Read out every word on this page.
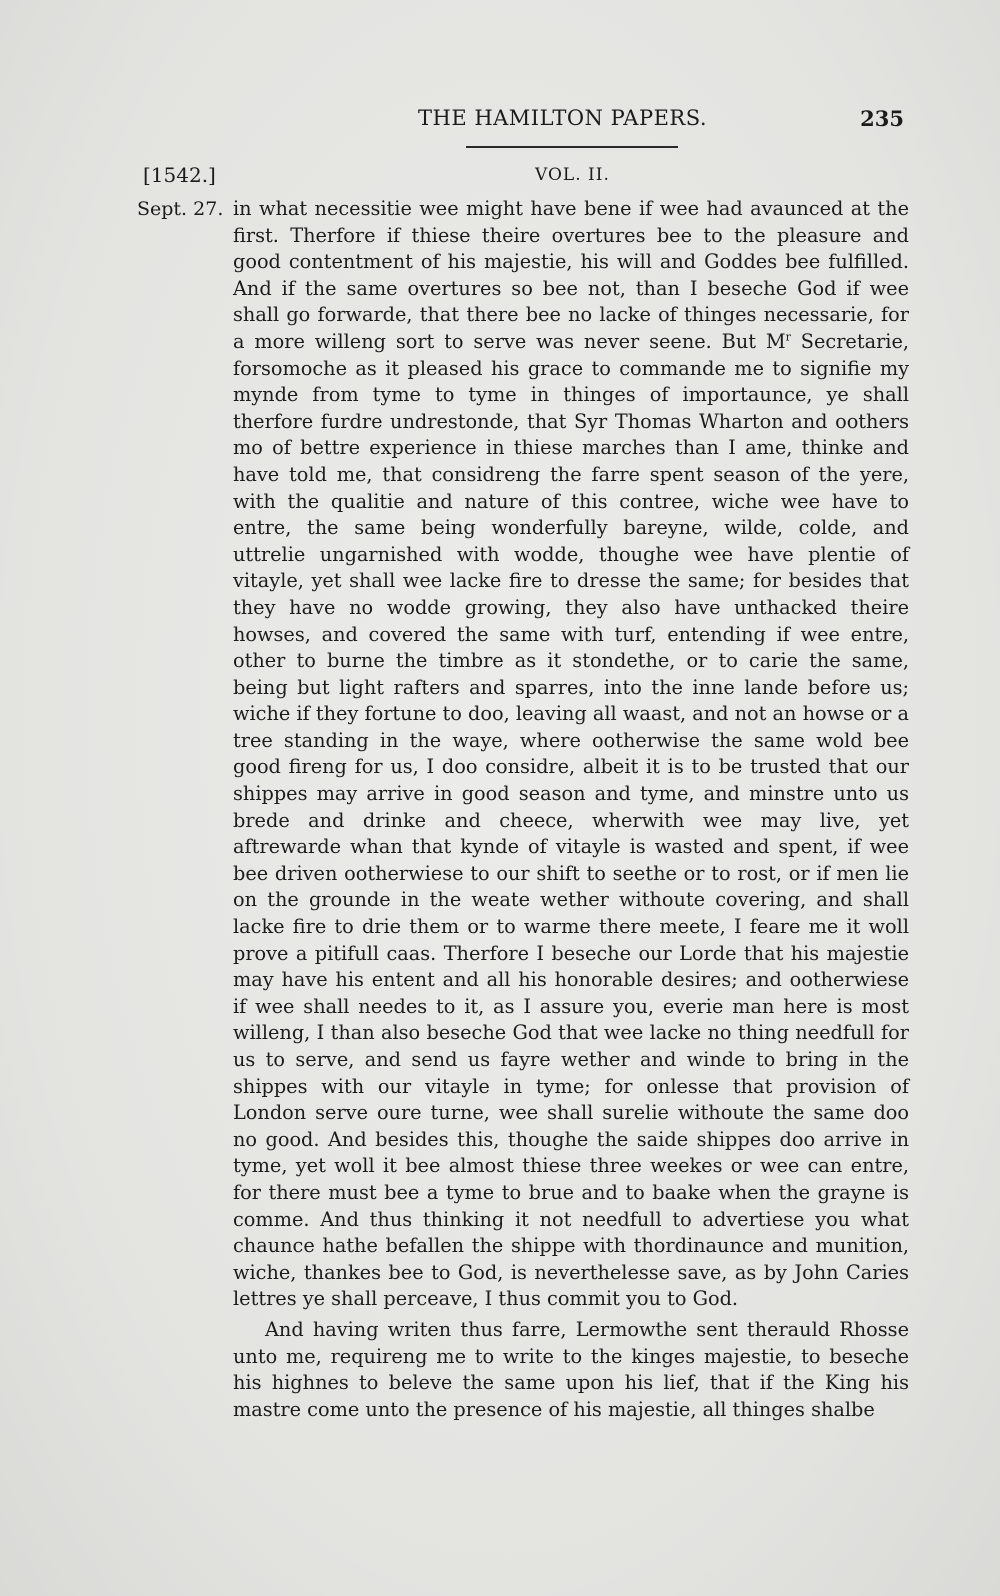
THE HAMILTON PAPERS.	235
[1542.]	VOL. II.
Sept. 27. in what necessitie wee might have bene if wee had avaunced at the first. Therfore if thiese theire overtures bee to the pleasure and good contentment of his majestie, his will and Goddes bee fulfilled. And if the same overtures so bee not, than I beseche God if wee shall go forwarde, that there bee no lacke of thinges necessarie, for a more willeng sort to serve was never seene. But $M^r$ Secretarie, forsomoche as it pleased his grace to commande me to signifie my mynde from tyme to tyme in thinges of importaunce, ye shall therfore furdre undrestonde, that Syr Thomas Wharton and oothers mo of bettre experience in thiese marches than I ame, thinke and have told me, that considreng the farre spent season of the yere, with the qualitie and nature of this contree, wiche wee have to entre, the same being wonderfully bareyne, wilde, colde, and uttrelie ungarnished with wodde, thoughe wee have plentie of vitayle, yet shall wee lacke fire to dresse the same; for besides that they have no wodde growing, they also have unthacked theire howses, and covered the same with turf, entending if wee entre, other to burne the timbre as it stondethe, or to carie the same, being but light rafters and sparres, into the inne lande before us; wiche if they fortune to doo, leaving all waast, and not an howse or a tree standing in the waye, where ootherwise the same wold bee good fireng for us, I doo considre, albeit it is to be trusted that our shippes may arrive in good season and tyme, and minstre unto us brede and drinke and cheece, wherwith wee may live, yet aftrewarde whan that kynde of vitayle is wasted and spent, if wee bee driven ootherwiese to our shift to seethe or to rost, or if men lie on the grounde in the weate wether withoute covering, and shall lacke fire to drie them or to warme there meete, I feare me it woll prove a pitifull caas. Therfore I beseche our Lorde that his majestie may have his entent and all his honorable desires; and ootherwiese if wee shall needes to it, as I assure you, everie man here is most willeng, I than also beseche God that wee lacke no thing needfull for us to serve, and send us fayre wether and winde to bring in the shippes with our vitayle in tyme; for onlesse that provision of London serve oure turne, wee shall surelie withoute the same doo no good. And besides this, thoughe the saide shippes doo arrive in tyme, yet woll it bee almost thiese three weekes or wee can entre, for there must bee a tyme to brue and to baake when the grayne is comme. And thus thinking it not needfull to advertiese you what chaunce hathe befallen the shippe with thordinaunce and munition, wiche, thankes bee to God, is neverthelesse save, as by John Caries lettres ye shall perceave, I thus commit you to God.

And having writen thus farre, Lermowthe sent therauld Rhosse unto me, requireng me to write to the kinges majestie, to beseche his highnes to beleve the same upon his lief, that if the King his mastre come unto the presence of his majestie, all thinges shalbe
